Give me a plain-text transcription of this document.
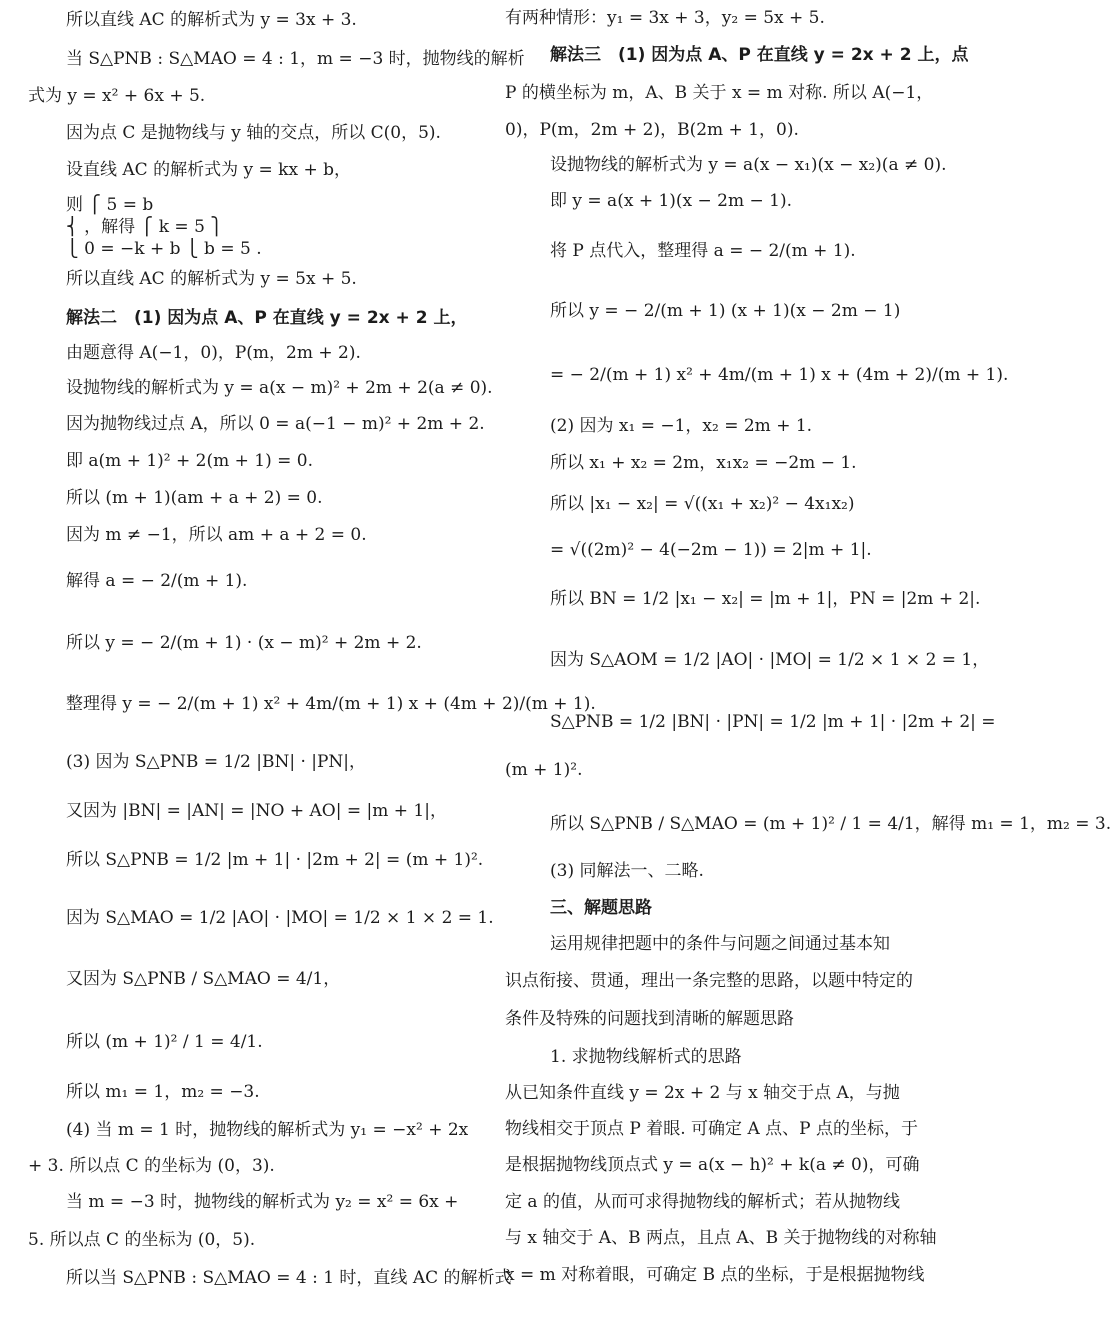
所以直线 AC 的解析式为 y = 3x + 3.
当 S△PNB : S△MAO = 4 : 1，m = −3 时，抛物线的解析
式为 y = x² + 6x + 5.
因为点 C 是抛物线与 y 轴的交点，所以 C(0，5).
设直线 AC 的解析式为 y = kx + b，
则 ⎧ 5 = b
⎨ ，解得 ⎧ k = 5 ⎫
⎩ 0 = −k + b ⎩ b = 5 .
所以直线 AC 的解析式为 y = 5x + 5.
解法二　(1) 因为点 A、P 在直线 y = 2x + 2 上，
由题意得 A(−1，0)，P(m，2m + 2).
设抛物线的解析式为 y = a(x − m)² + 2m + 2(a ≠ 0).
因为抛物线过点 A，所以 0 = a(−1 − m)² + 2m + 2.
即 a(m + 1)² + 2(m + 1) = 0.
所以 (m + 1)(am + a + 2) = 0.
因为 m ≠ −1，所以 am + a + 2 = 0.
解得 a = − 2/(m + 1).
所以 y = − 2/(m + 1) · (x − m)² + 2m + 2.
整理得 y = − 2/(m + 1) x² + 4m/(m + 1) x + (4m + 2)/(m + 1).
(3) 因为 S△PNB = 1/2 |BN| · |PN|，
又因为 |BN| = |AN| = |NO + AO| = |m + 1|，
所以 S△PNB = 1/2 |m + 1| · |2m + 2| = (m + 1)².
因为 S△MAO = 1/2 |AO| · |MO| = 1/2 × 1 × 2 = 1.
又因为 S△PNB / S△MAO = 4/1，
所以 (m + 1)² / 1 = 4/1.
所以 m₁ = 1，m₂ = −3.
(4) 当 m = 1 时，抛物线的解析式为 y₁ = −x² + 2x
+ 3. 所以点 C 的坐标为 (0，3).
当 m = −3 时，抛物线的解析式为 y₂ = x² = 6x +
5. 所以点 C 的坐标为 (0，5).
所以当 S△PNB : S△MAO = 4 : 1 时，直线 AC 的解析式
有两种情形：y₁ = 3x + 3，y₂ = 5x + 5.
解法三　(1) 因为点 A、P 在直线 y = 2x + 2 上，点
P 的横坐标为 m，A、B 关于 x = m 对称. 所以 A(−1，
0)，P(m，2m + 2)，B(2m + 1，0).
设抛物线的解析式为 y = a(x − x₁)(x − x₂)(a ≠ 0).
即 y = a(x + 1)(x − 2m − 1).
将 P 点代入，整理得 a = − 2/(m + 1).
所以 y = − 2/(m + 1) (x + 1)(x − 2m − 1)
= − 2/(m + 1) x² + 4m/(m + 1) x + (4m + 2)/(m + 1).
(2) 因为 x₁ = −1，x₂ = 2m + 1.
所以 x₁ + x₂ = 2m，x₁x₂ = −2m − 1.
所以 |x₁ − x₂| = √((x₁ + x₂)² − 4x₁x₂)
= √((2m)² − 4(−2m − 1)) = 2|m + 1|.
所以 BN = 1/2 |x₁ − x₂| = |m + 1|，PN = |2m + 2|.
因为 S△AOM = 1/2 |AO| · |MO| = 1/2 × 1 × 2 = 1，
S△PNB = 1/2 |BN| · |PN| = 1/2 |m + 1| · |2m + 2| =
(m + 1)².
所以 S△PNB / S△MAO = (m + 1)² / 1 = 4/1，解得 m₁ = 1，m₂ = 3.
(3) 同解法一、二略.
三、解题思路
运用规律把题中的条件与问题之间通过基本知
识点衔接、贯通，理出一条完整的思路，以题中特定的
条件及特殊的问题找到清晰的解题思路
1. 求抛物线解析式的思路
从已知条件直线 y = 2x + 2 与 x 轴交于点 A，与抛
物线相交于顶点 P 着眼. 可确定 A 点、P 点的坐标，于
是根据抛物线顶点式 y = a(x − h)² + k(a ≠ 0)，可确
定 a 的值，从而可求得抛物线的解析式；若从抛物线
与 x 轴交于 A、B 两点，且点 A、B 关于抛物线的对称轴
x = m 对称着眼，可确定 B 点的坐标，于是根据抛物线
